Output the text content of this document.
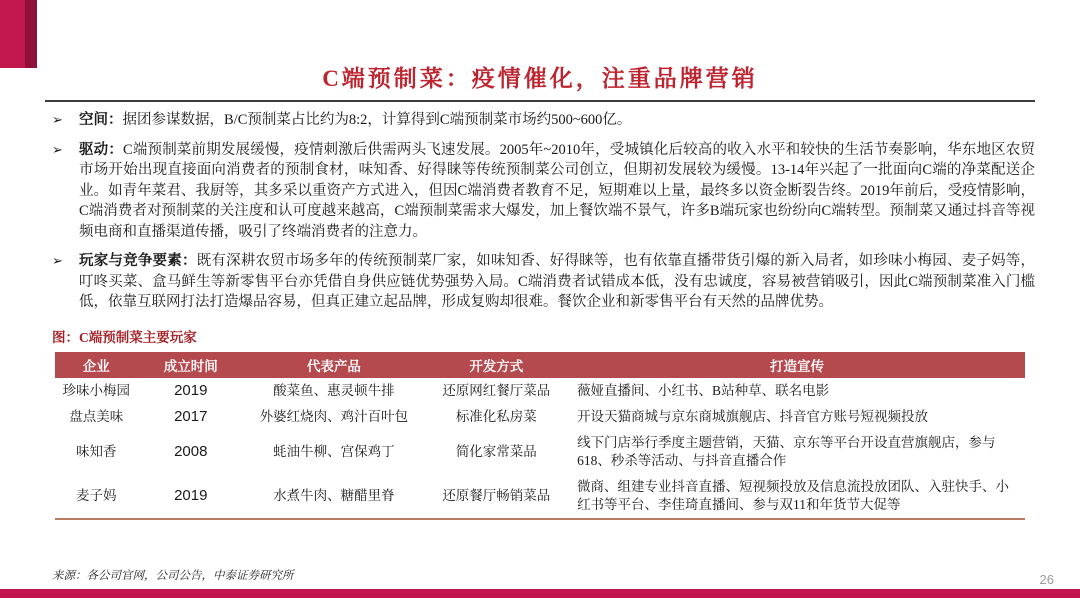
C端预制菜：疫情催化，注重品牌营销
➢ 空间：据团参谋数据，B/C预制菜占比约为8:2，计算得到C端预制菜市场约500~600亿。
➢ 驱动：C端预制菜前期发展缓慢，疫情刺激后供需两头飞速发展。2005年~2010年，受城镇化后较高的收入水平和较快的生活节奏影响，华东地区农贸市场开始出现直接面向消费者的预制食材，味知香、好得睐等传统预制菜公司创立，但期初发展较为缓慢。13-14年兴起了一批面向C端的净菜配送企业。如青年菜君、我厨等，其多采以重资产方式进入，但因C端消费者教育不足，短期难以上量，最终多以资金断裂告终。2019年前后，受疫情影响，C端消费者对预制菜的关注度和认可度越来越高，C端预制菜需求大爆发，加上餐饮端不景气，许多B端玩家也纷纷向C端转型。预制菜又通过抖音等视频电商和直播渠道传播，吸引了终端消费者的注意力。
➢ 玩家与竞争要素：既有深耕农贸市场多年的传统预制菜厂家，如味知香、好得睐等，也有依靠直播带货引爆的新入局者，如珍味小梅园、麦子妈等，叮咚买菜、盒马鲜生等新零售平台亦凭借自身供应链优势强势入局。C端消费者试错成本低，没有忠诚度，容易被营销吸引，因此C端预制菜准入门槛低，依靠互联网打法打造爆品容易，但真正建立起品牌，形成复购却很难。餐饮企业和新零售平台有天然的品牌优势。
图：C端预制菜主要玩家
企业	成立时间	代表产品	开发方式	打造宣传
珍味小梅园	2019	酸菜鱼、惠灵顿牛排	还原网红餐厅菜品	薇娅直播间、小红书、B站种草、联名电影
盘点美味	2017	外婆红烧肉、鸡汁百叶包	标准化私房菜	开设天猫商城与京东商城旗舰店、抖音官方账号短视频投放
味知香	2008	蚝油牛柳、宫保鸡丁	简化家常菜品	线下门店举行季度主题营销，天猫、京东等平台开设直营旗舰店，参与618、秒杀等活动、与抖音直播合作
麦子妈	2019	水煮牛肉、糖醋里脊	还原餐厅畅销菜品	微商、组建专业抖音直播、短视频投放及信息流投放团队、入驻快手、小红书等平台、李佳琦直播间、参与双11和年货节大促等
来源：各公司官网，公司公告，中泰证券研究所	26
